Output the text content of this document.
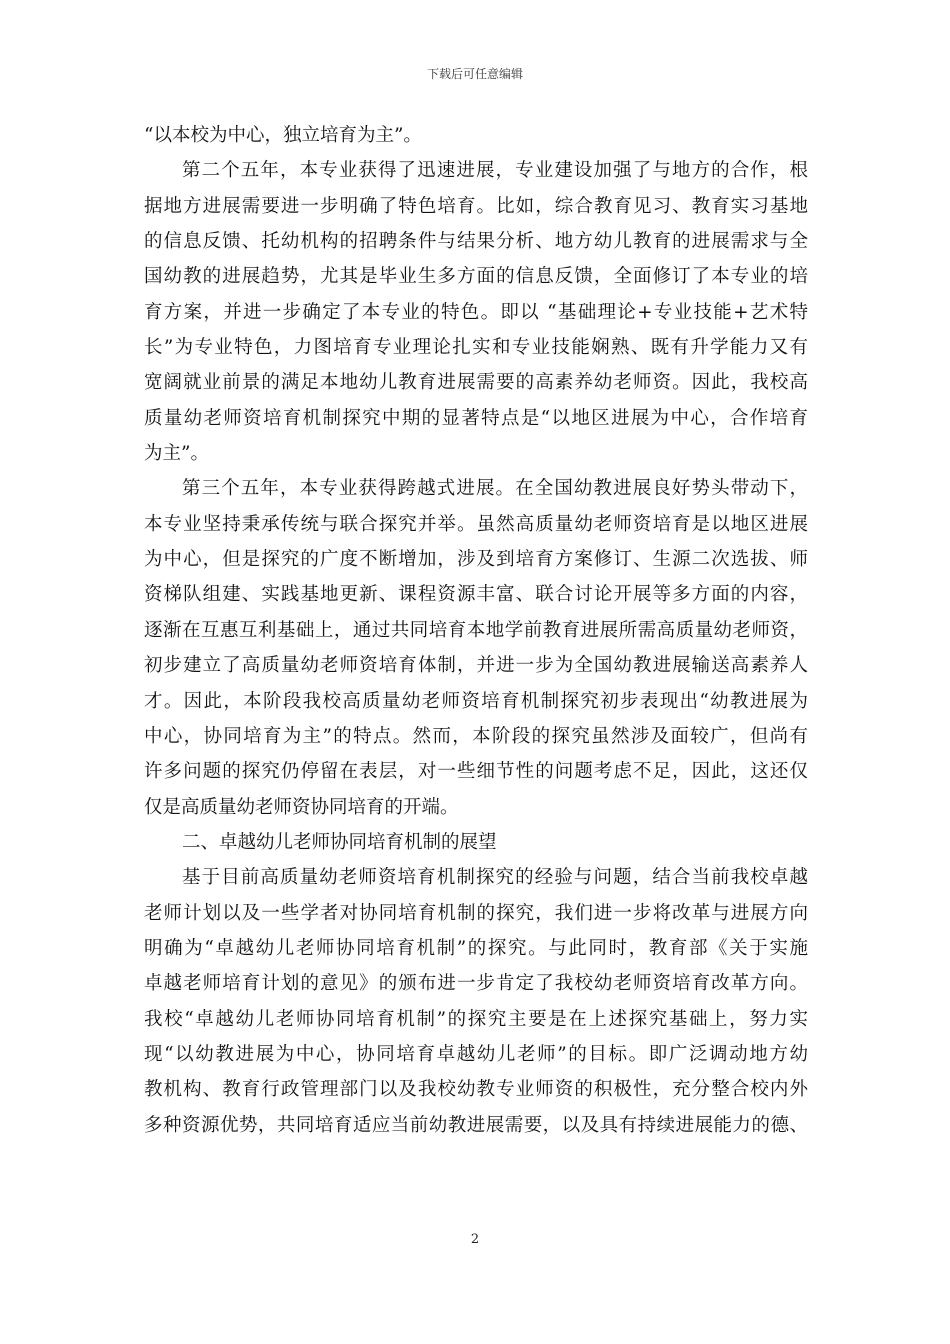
下载后可任意编辑
“以本校为中心，独立培育为主”。
第二个五年，本专业获得了迅速进展，专业建设加强了与地方的合作，根
据地方进展需要进一步明确了特色培育。比如，综合教育见习、教育实习基地
的信息反馈、托幼机构的招聘条件与结果分析、地方幼儿教育的进展需求与全
国幼教的进展趋势，尤其是毕业生多方面的信息反馈，全面修订了本专业的培
育方案，并进一步确定了本专业的特色。即以 “基础理论+专业技能+艺术特
长”为专业特色，力图培育专业理论扎实和专业技能娴熟、既有升学能力又有
宽阔就业前景的满足本地幼儿教育进展需要的高素养幼老师资。因此，我校高
质量幼老师资培育机制探究中期的显著特点是“以地区进展为中心，合作培育
为主”。
第三个五年，本专业获得跨越式进展。在全国幼教进展良好势头带动下，
本专业坚持秉承传统与联合探究并举。虽然高质量幼老师资培育是以地区进展
为中心，但是探究的广度不断增加，涉及到培育方案修订、生源二次选拔、师
资梯队组建、实践基地更新、课程资源丰富、联合讨论开展等多方面的内容，
逐渐在互惠互利基础上，通过共同培育本地学前教育进展所需高质量幼老师资，
初步建立了高质量幼老师资培育体制，并进一步为全国幼教进展输送高素养人
才。因此，本阶段我校高质量幼老师资培育机制探究初步表现出“幼教进展为
中心，协同培育为主”的特点。然而，本阶段的探究虽然涉及面较广，但尚有
许多问题的探究仍停留在表层，对一些细节性的问题考虑不足，因此，这还仅
仅是高质量幼老师资协同培育的开端。
二、卓越幼儿老师协同培育机制的展望
基于目前高质量幼老师资培育机制探究的经验与问题，结合当前我校卓越
老师计划以及一些学者对协同培育机制的探究，我们进一步将改革与进展方向
明确为“卓越幼儿老师协同培育机制”的探究。与此同时，教育部《关于实施
卓越老师培育计划的意见》的颁布进一步肯定了我校幼老师资培育改革方向。
我校“卓越幼儿老师协同培育机制”的探究主要是在上述探究基础上，努力实
现“以幼教进展为中心，协同培育卓越幼儿老师”的目标。即广泛调动地方幼
教机构、教育行政管理部门以及我校幼教专业师资的积极性，充分整合校内外
多种资源优势，共同培育适应当前幼教进展需要，以及具有持续进展能力的德、
2
